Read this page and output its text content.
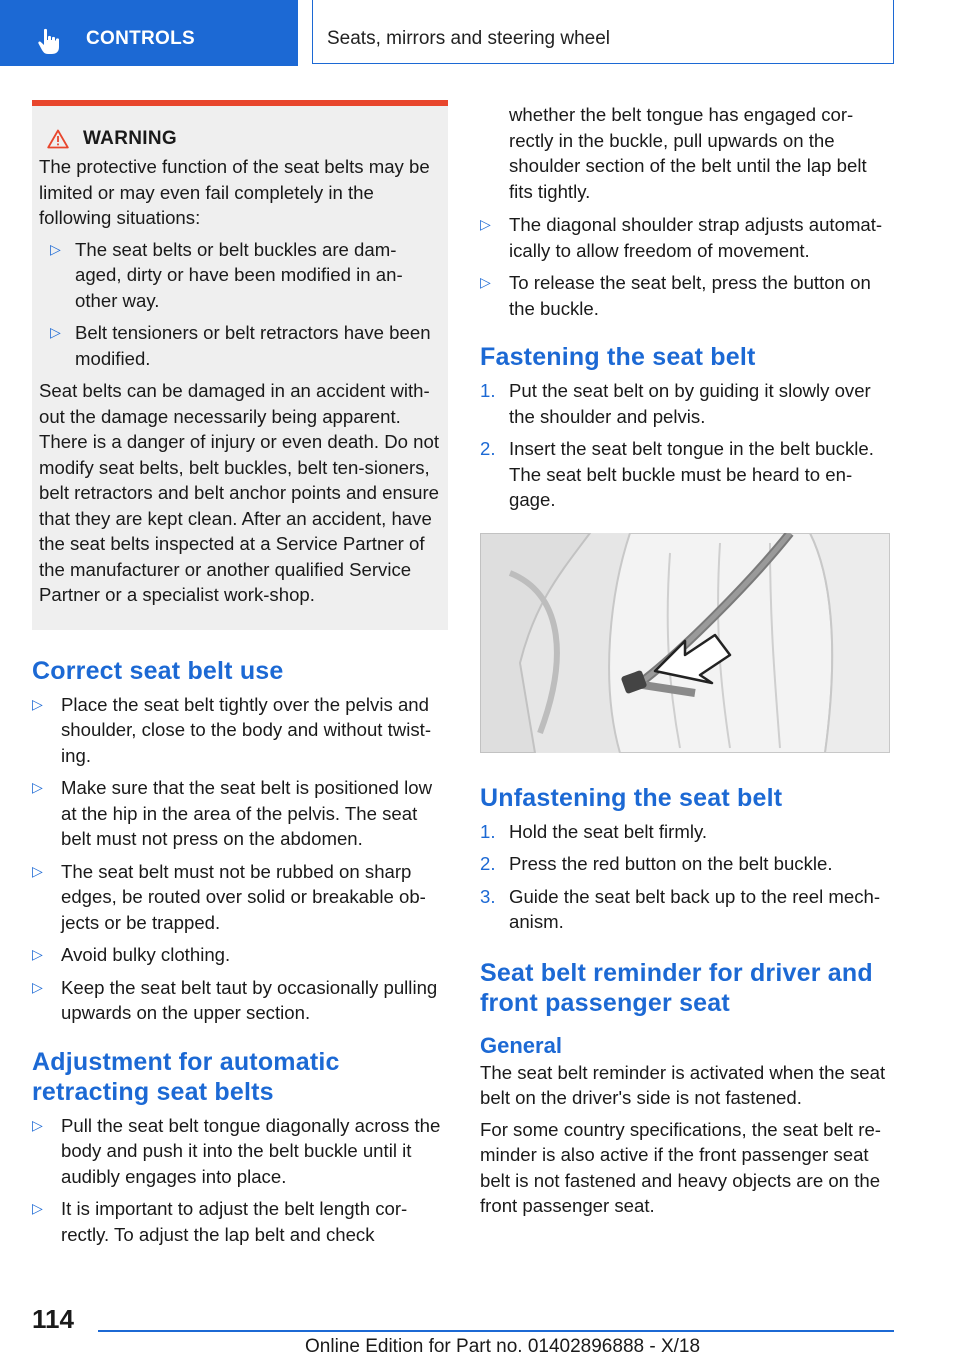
CONTROLS	Seats, mirrors and steering wheel
WARNING

The protective function of the seat belts may be limited or may even fail completely in the following situations:

▷ The seat belts or belt buckles are dam‐aged, dirty or have been modified in an‐other way.
▷ Belt tensioners or belt retractors have been modified.

Seat belts can be damaged in an accident with‐out the damage necessarily being apparent. There is a danger of injury or even death. Do not modify seat belts, belt buckles, belt ten‐sioners, belt retractors and belt anchor points and ensure that they are kept clean. After an accident, have the seat belts inspected at a Service Partner of the manufacturer or another qualified Service Partner or a specialist work‐shop.

Correct seat belt use
▷ Place the seat belt tightly over the pelvis and shoulder, close to the body and without twist‐ing.
▷ Make sure that the seat belt is positioned low at the hip in the area of the pelvis. The seat belt must not press on the abdomen.
▷ The seat belt must not be rubbed on sharp edges, be routed over solid or breakable ob‐jects or be trapped.
▷ Avoid bulky clothing.
▷ Keep the seat belt taut by occasionally pulling upwards on the upper section.
Adjustment for automatic retracting seat belts
▷ Pull the seat belt tongue diagonally across the body and push it into the belt buckle until it audibly engages into place.
▷ It is important to adjust the belt length cor‐rectly. To adjust the lap belt and check

whether the belt tongue has engaged cor‐rectly in the buckle, pull upwards on the shoulder section of the belt until the lap belt fits tightly.

▷ The diagonal shoulder strap adjusts automat‐ically to allow freedom of movement.
▷ To release the seat belt, press the button on the buckle.
Fastening the seat belt
1. Put the seat belt on by guiding it slowly over the shoulder and pelvis.
2. Insert the seat belt tongue in the belt buckle. The seat belt buckle must be heard to en‐gage.
Unfastening the seat belt
1. Hold the seat belt firmly.
2. Press the red button on the belt buckle.
3. Guide the seat belt back up to the reel mech‐anism.
Seat belt reminder for driver and front passenger seat
General

The seat belt reminder is activated when the seat belt on the driver's side is not fastened.

For some country specifications, the seat belt re‐minder is also active if the front passenger seat belt is not fastened and heavy objects are on the front passenger seat.

114
Online Edition for Part no. 01402896888 - X/18
